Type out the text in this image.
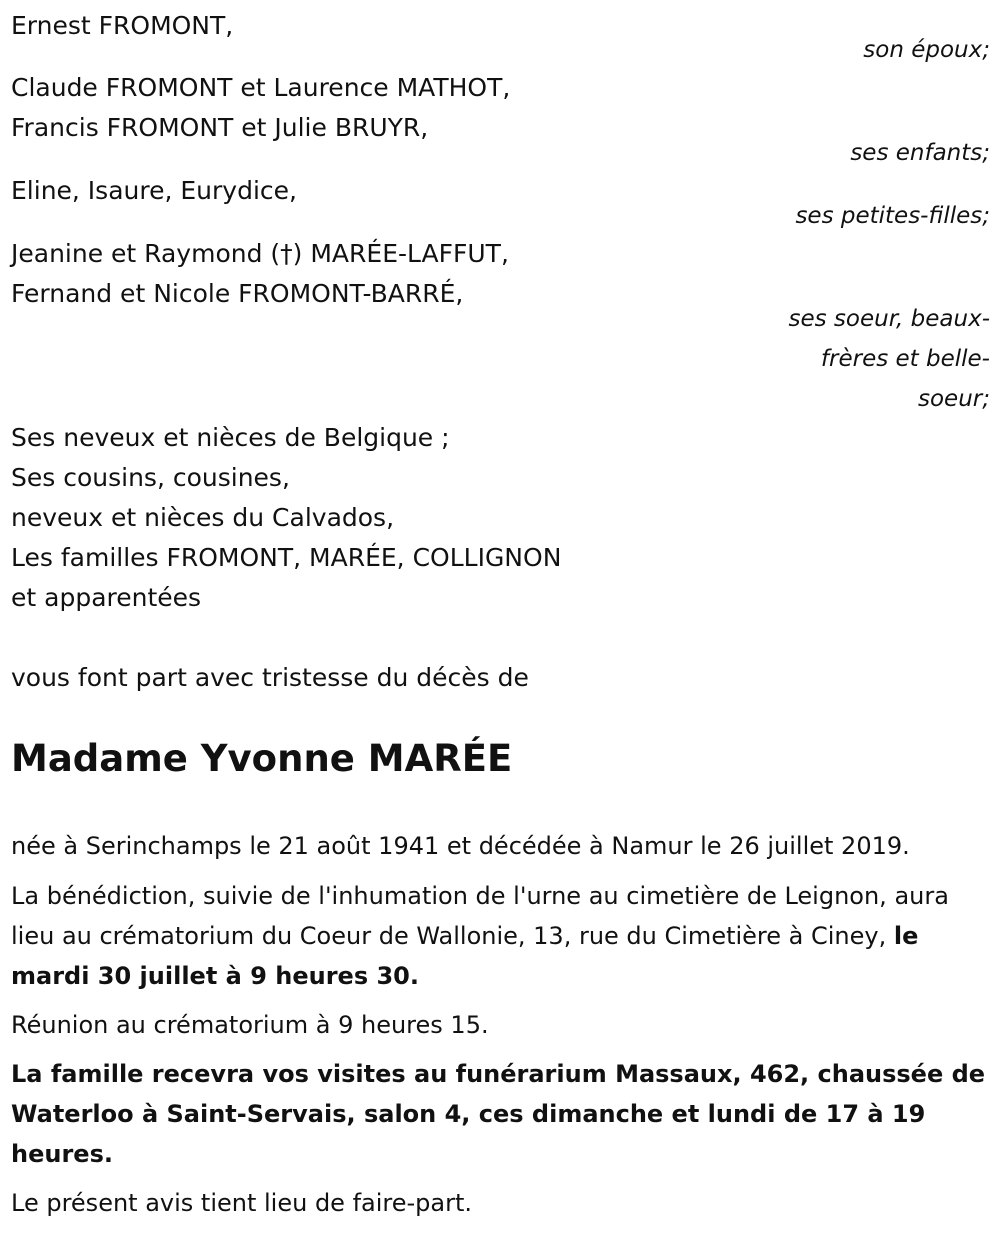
Ernest FROMONT,
son époux;
Claude FROMONT et Laurence MATHOT,
Francis FROMONT et Julie BRUYR,
ses enfants;
Eline, Isaure, Eurydice,
ses petites-filles;
Jeanine et Raymond (†) MARÉE-LAFFUT,
Fernand et Nicole FROMONT-BARRÉ,
ses soeur, beaux-
frères et belle-
soeur;
Ses neveux et nièces de Belgique ;
Ses cousins, cousines,
neveux et nièces du Calvados,
Les familles FROMONT, MARÉE, COLLIGNON
et apparentées
vous font part avec tristesse du décès de
Madame Yvonne MARÉE
née à Serinchamps le 21 août 1941 et décédée à Namur le 26 juillet 2019.
La bénédiction, suivie de l'inhumation de l'urne au cimetière de Leignon, aura lieu au crématorium du Coeur de Wallonie, 13, rue du Cimetière à Ciney, le mardi 30 juillet à 9 heures 30.
Réunion au crématorium à 9 heures 15.
La famille recevra vos visites au funérarium Massaux, 462, chaussée de Waterloo à Saint-Servais, salon 4, ces dimanche et lundi de 17 à 19 heures.
Le présent avis tient lieu de faire-part.
